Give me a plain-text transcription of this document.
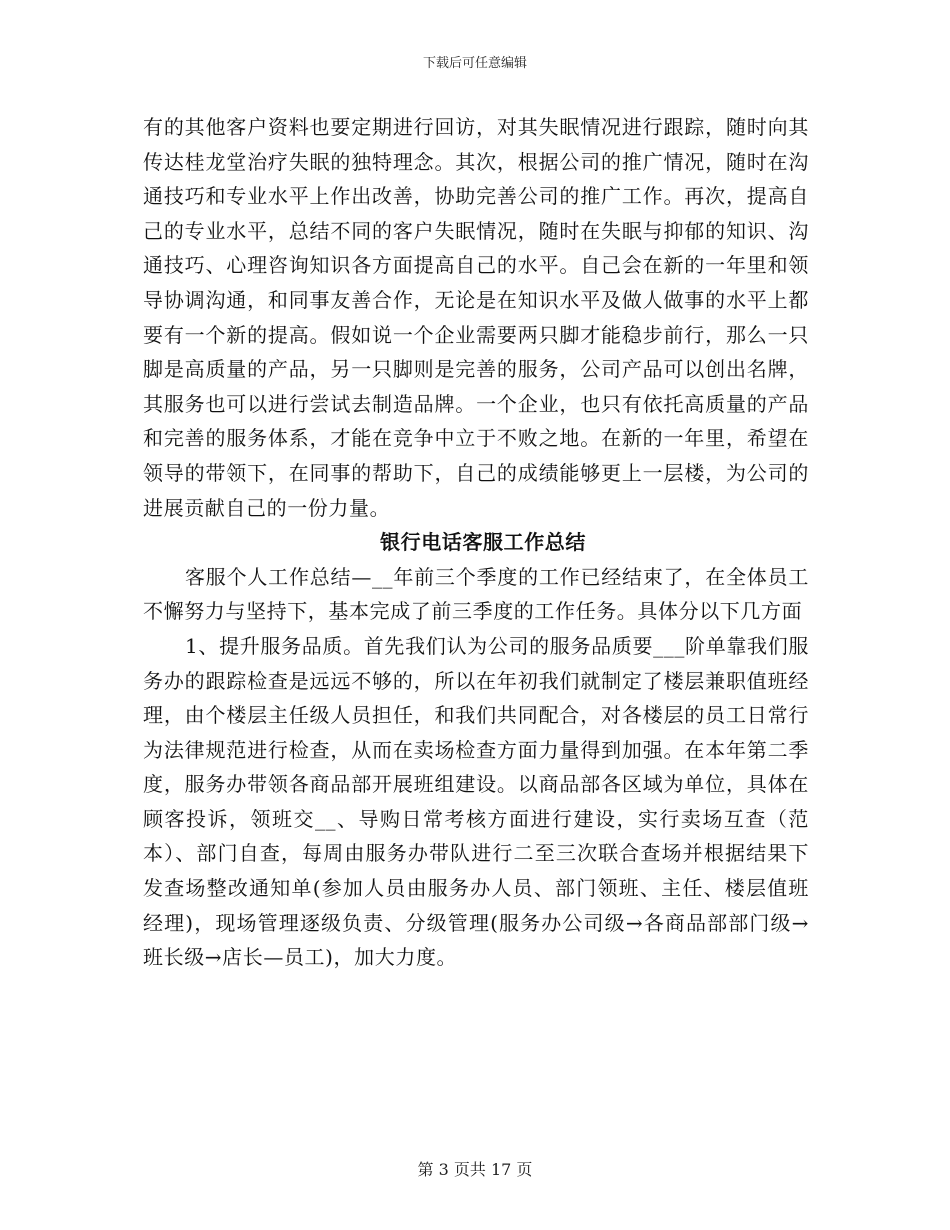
下载后可任意编辑

有的其他客户资料也要定期进行回访，对其失眠情况进行跟踪，随时向其传达桂龙堂治疗失眠的独特理念。其次，根据公司的推广情况，随时在沟通技巧和专业水平上作出改善，协助完善公司的推广工作。再次，提高自己的专业水平，总结不同的客户失眠情况，随时在失眠与抑郁的知识、沟通技巧、心理咨询知识各方面提高自己的水平。自己会在新的一年里和领导协调沟通，和同事友善合作，无论是在知识水平及做人做事的水平上都要有一个新的提高。假如说一个企业需要两只脚才能稳步前行，那么一只脚是高质量的产品，另一只脚则是完善的服务，公司产品可以创出名牌，其服务也可以进行尝试去制造品牌。一个企业，也只有依托高质量的产品和完善的服务体系，才能在竞争中立于不败之地。在新的一年里，希望在领导的带领下，在同事的帮助下，自己的成绩能够更上一层楼，为公司的进展贡献自己的一份力量。

银行电话客服工作总结

客服个人工作总结—__年前三个季度的工作已经结束了，在全体员工不懈努力与坚持下，基本完成了前三季度的工作任务。具体分以下几方面

1、提升服务品质。首先我们认为公司的服务品质要___阶单靠我们服务办的跟踪检查是远远不够的，所以在年初我们就制定了楼层兼职值班经理，由个楼层主任级人员担任，和我们共同配合，对各楼层的员工日常行为法律规范进行检查，从而在卖场检查方面力量得到加强。在本年第二季度，服务办带领各商品部开展班组建设。以商品部各区域为单位，具体在顾客投诉，领班交__、导购日常考核方面进行建设，实行卖场互查（范本）、部门自查，每周由服务办带队进行二至三次联合查场并根据结果下发查场整改通知单(参加人员由服务办人员、部门领班、主任、楼层值班经理)，现场管理逐级负责、分级管理(服务办公司级→各商品部部门级→班长级→店长—员工)，加大力度。

第 3 页共 17 页
